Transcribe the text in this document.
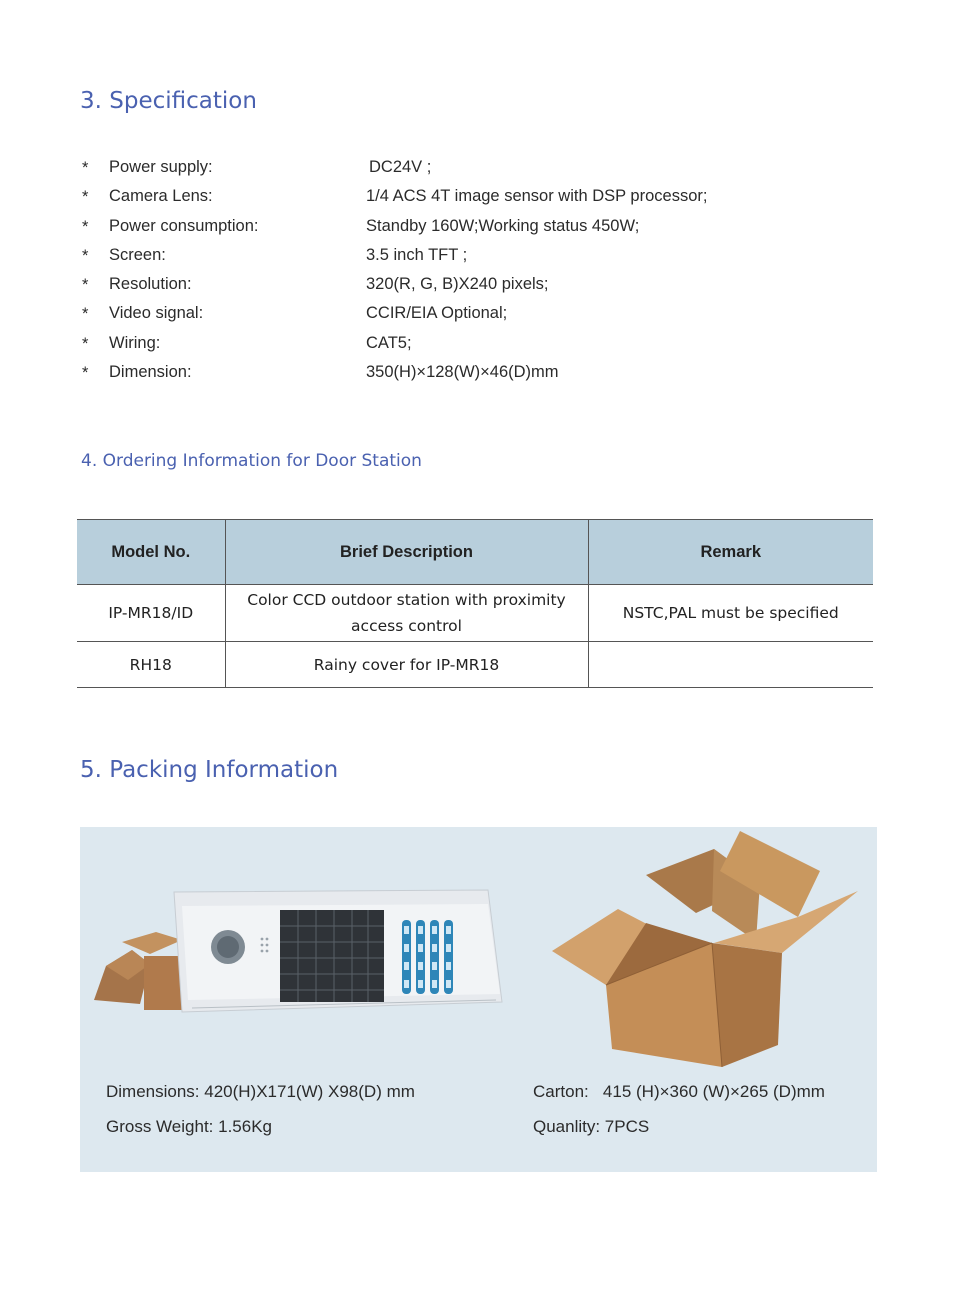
3. Specification
* Power supply:	DC24V ;
* Camera Lens:	1/4 ACS 4T image sensor with DSP processor;
* Power consumption:	Standby 160W;Working status 450W;
* Screen:	3.5 inch TFT ;
* Resolution:	320(R, G, B)X240 pixels;
* Video signal:	CCIR/EIA Optional;
* Wiring:	CAT5;
* Dimension:	350(H)×128(W)×46(D)mm
4. Ordering Information for Door Station
Model No.	Brief Description	Remark
IP-MR18/ID	Color CCD outdoor station with proximity access control	NSTC,PAL must be specified
RH18	Rainy cover for IP-MR18	
5. Packing Information
Dimensions: 420(H)X171(W) X98(D) mm
Gross Weight: 1.56Kg
Carton:   415 (H)×360 (W)×265 (D)mm
Quanlity: 7PCS
